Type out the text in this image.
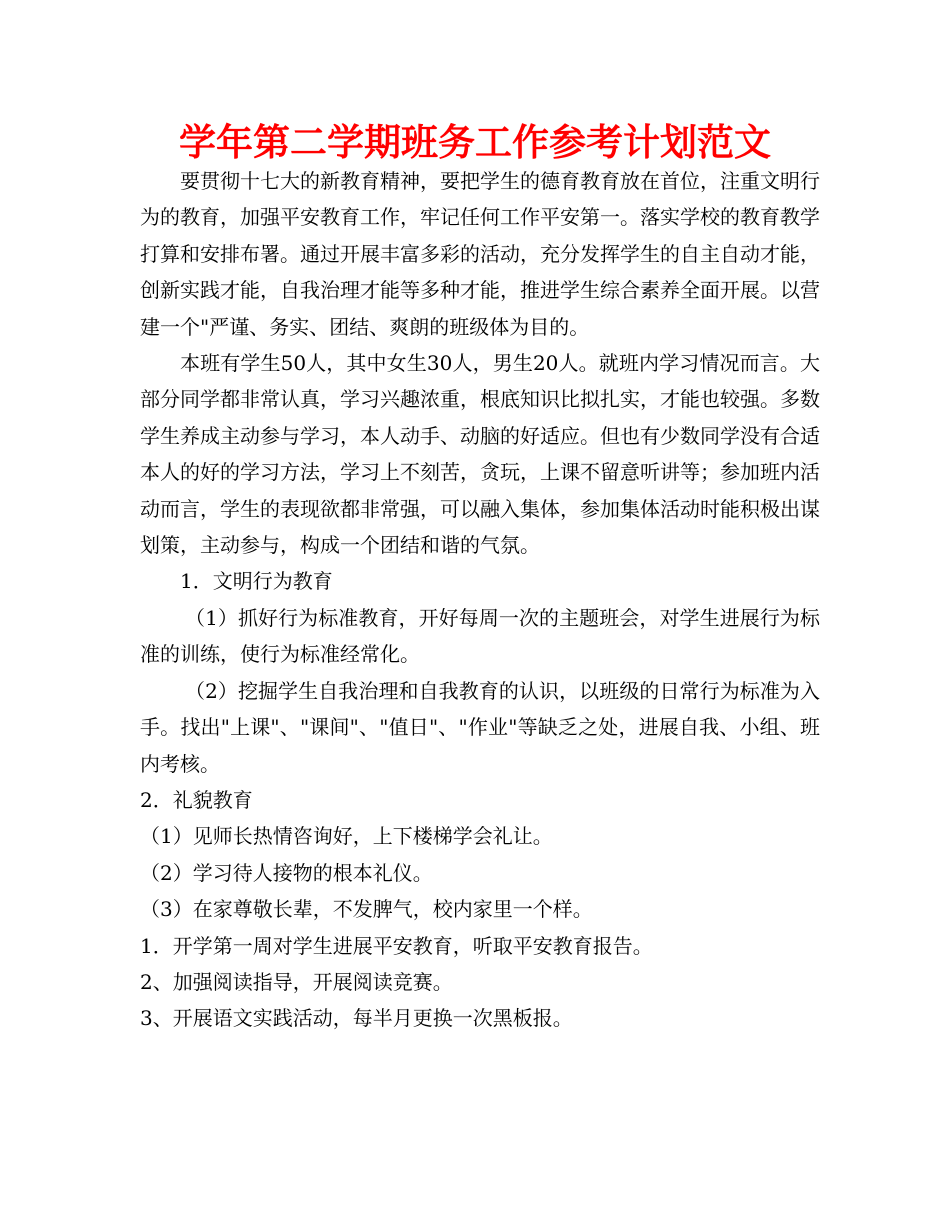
学年第二学期班务工作参考计划范文

要贯彻十七大的新教育精神，要把学生的德育教育放在首位，注重文明行为的教育，加强平安教育工作，牢记任何工作平安第一。落实学校的教育教学打算和安排布署。通过开展丰富多彩的活动，充分发挥学生的自主自动才能，创新实践才能，自我治理才能等多种才能，推进学生综合素养全面开展。以营建一个"严谨、务实、团结、爽朗的班级体为目的。

本班有学生50人，其中女生30人，男生20人。就班内学习情况而言。大部分同学都非常认真，学习兴趣浓重，根底知识比拟扎实，才能也较强。多数学生养成主动参与学习，本人动手、动脑的好适应。但也有少数同学没有合适本人的好的学习方法，学习上不刻苦，贪玩，上课不留意听讲等；参加班内活动而言，学生的表现欲都非常强，可以融入集体，参加集体活动时能积极出谋划策，主动参与，构成一个团结和谐的气氛。

1．文明行为教育

（1）抓好行为标准教育，开好每周一次的主题班会，对学生进展行为标准的训练，使行为标准经常化。

（2）挖掘学生自我治理和自我教育的认识，以班级的日常行为标准为入手。找出"上课"、"课间"、"值日"、"作业"等缺乏之处，进展自我、小组、班内考核。

2．礼貌教育

（1）见师长热情咨询好，上下楼梯学会礼让。

（2）学习待人接物的根本礼仪。

（3）在家尊敬长辈，不发脾气，校内家里一个样。

1．开学第一周对学生进展平安教育，听取平安教育报告。

2、加强阅读指导，开展阅读竞赛。

3、开展语文实践活动，每半月更换一次黑板报。
